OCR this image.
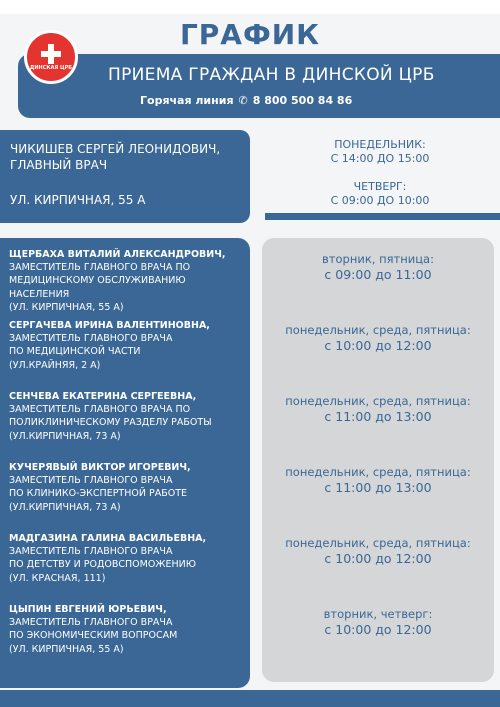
ГРАФИК
ДИНСКАЯ ЦРБ ПРИЕМА ГРАЖДАН В ДИНСКОЙ ЦРБ
Горячая линия ✆ 8 800 500 84 86
ЧИКИШЕВ СЕРГЕЙ ЛЕОНИДОВИЧ,
ГЛАВНЫЙ ВРАЧ
УЛ. КИРПИЧНАЯ, 55 А
ПОНЕДЕЛЬНИК:
С 14:00 ДО 15:00
ЧЕТВЕРГ:
С 09:00 ДО 10:00
ЩЕРБАХА ВИТАЛИЙ АЛЕКСАНДРОВИЧ,
ЗАМЕСТИТЕЛЬ ГЛАВНОГО ВРАЧА ПО
МЕДИЦИНСКОМУ ОБСЛУЖИВАНИЮ
НАСЕЛЕНИЯ
(УЛ. КИРПИЧНАЯ, 55 А)
СЕРГАЧЕВА ИРИНА ВАЛЕНТИНОВНА,
ЗАМЕСТИТЕЛЬ ГЛАВНОГО ВРАЧА
ПО МЕДИЦИНСКОЙ ЧАСТИ
(УЛ.КРАЙНЯЯ, 2 А)
СЕНЧЕВА ЕКАТЕРИНА СЕРГЕЕВНА,
ЗАМЕСТИТЕЛЬ ГЛАВНОГО ВРАЧА ПО
ПОЛИКЛИНИЧЕСКОМУ РАЗДЕЛУ РАБОТЫ
(УЛ.КИРПИЧНАЯ, 73 А)
КУЧЕРЯВЫЙ ВИКТОР ИГОРЕВИЧ,
ЗАМЕСТИТЕЛЬ ГЛАВНОГО ВРАЧА
ПО КЛИНИКО-ЭКСПЕРТНОЙ РАБОТЕ
(УЛ.КИРПИЧНАЯ, 73 А)
МАДГАЗИНА ГАЛИНА ВАСИЛЬЕВНА,
ЗАМЕСТИТЕЛЬ ГЛАВНОГО ВРАЧА
ПО ДЕТСТВУ И РОДОВСПОМОЖЕНИЮ
(УЛ. КРАСНАЯ, 111)
ЦЫПИН ЕВГЕНИЙ ЮРЬЕВИЧ,
ЗАМЕСТИТЕЛЬ ГЛАВНОГО ВРАЧА
ПО ЭКОНОМИЧЕСКИМ ВОПРОСАМ
(УЛ. КИРПИЧНАЯ, 55 А)
вторник, пятница:
с 09:00 до 11:00
понедельник, среда, пятница:
с 10:00 до 12:00
понедельник, среда, пятница:
с 11:00 до 13:00
понедельник, среда, пятница:
с 11:00 до 13:00
понедельник, среда, пятница:
с 10:00 до 12:00
вторник, четверг:
с 10:00 до 12:00
